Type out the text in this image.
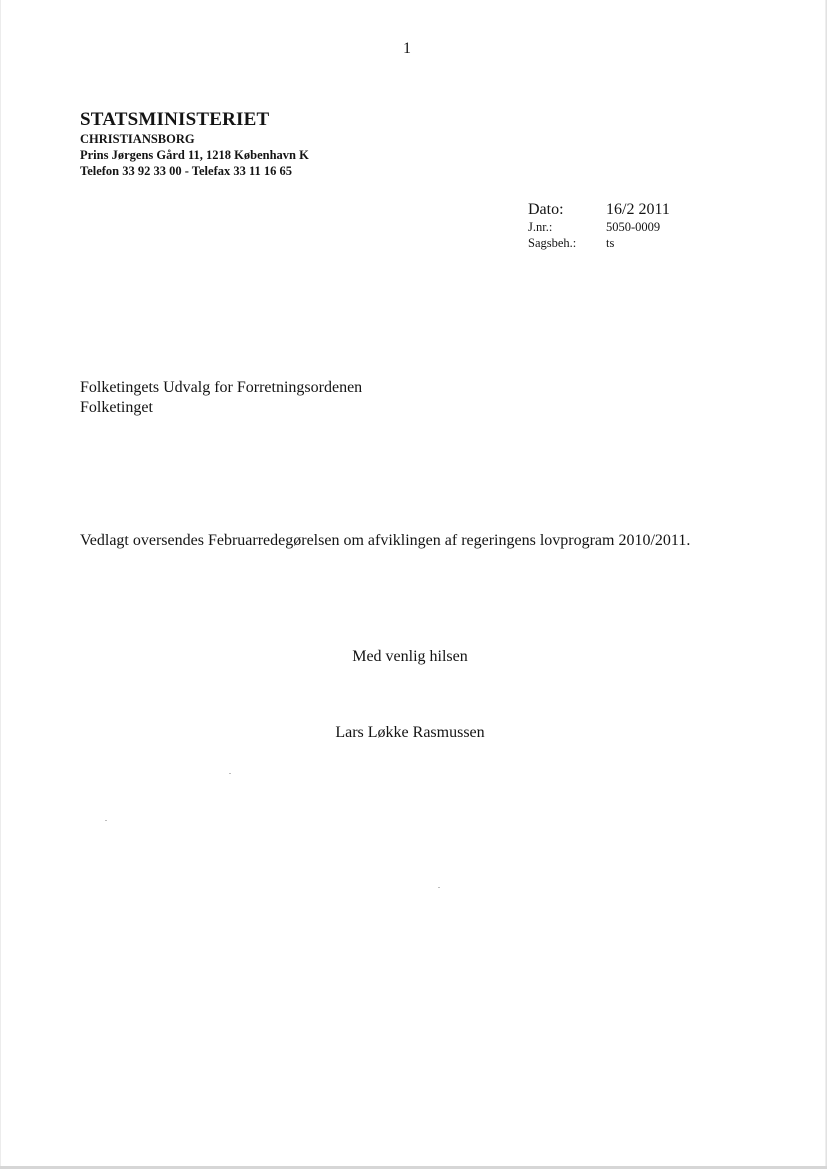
1
STATSMINISTERIET
CHRISTIANSBORG
Prins Jørgens Gård 11, 1218 København K
Telefon 33 92 33 00 - Telefax 33 11 16 65
Dato:	16/2 2011
J.nr.:	5050-0009
Sagsbeh.:	ts
Folketingets Udvalg for Forretningsordenen
Folketinget
Vedlagt oversendes Februarredegørelsen om afviklingen af regeringens lovprogram 2010/2011.
Med venlig hilsen
Lars Løkke Rasmussen
